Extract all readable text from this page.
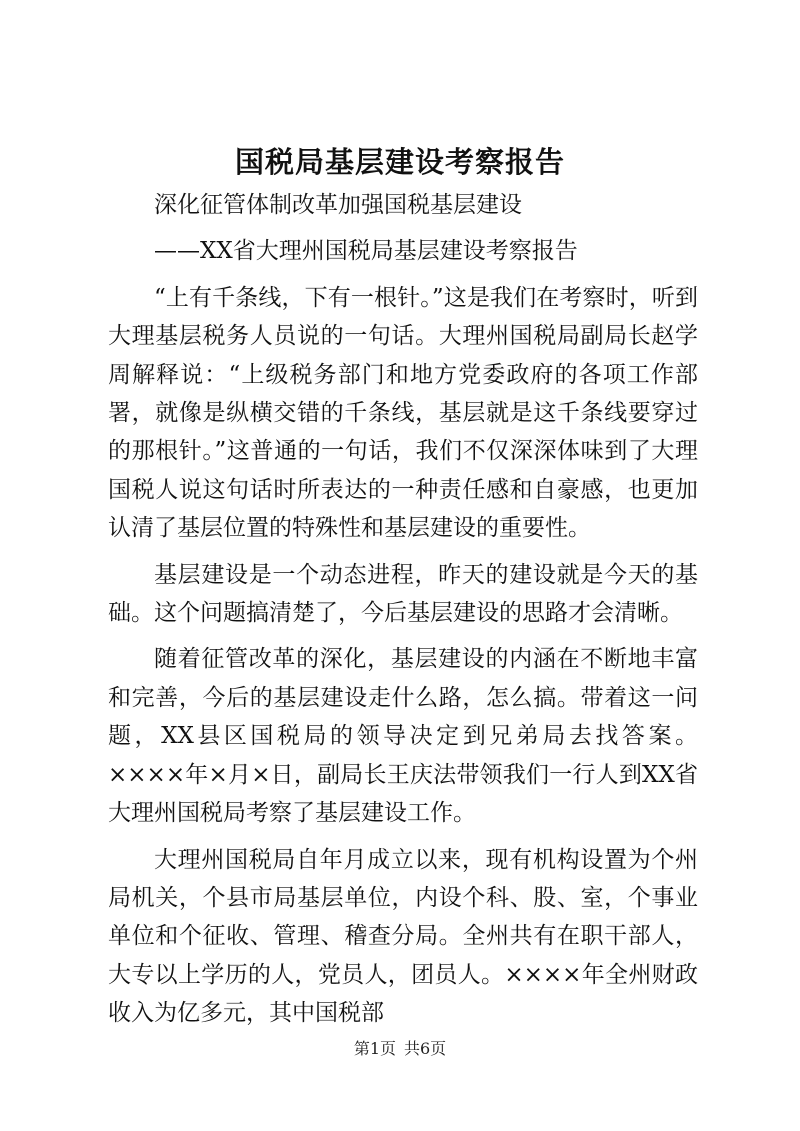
国税局基层建设考察报告

深化征管体制改革加强国税基层建设

——XX省大理州国税局基层建设考察报告

“上有千条线，下有一根针。”这是我们在考察时，听到大理基层税务人员说的一句话。大理州国税局副局长赵学周解释说：“上级税务部门和地方党委政府的各项工作部署，就像是纵横交错的千条线，基层就是这千条线要穿过的那根针。”这普通的一句话，我们不仅深深体味到了大理国税人说这句话时所表达的一种责任感和自豪感，也更加认清了基层位置的特殊性和基层建设的重要性。

基层建设是一个动态进程，昨天的建设就是今天的基础。这个问题搞清楚了，今后基层建设的思路才会清晰。

随着征管改革的深化，基层建设的内涵在不断地丰富和完善，今后的基层建设走什么路，怎么搞。带着这一问题，XX县区国税局的领导决定到兄弟局去找答案。××××年×月×日，副局长王庆法带领我们一行人到XX省大理州国税局考察了基层建设工作。

大理州国税局自年月成立以来，现有机构设置为个州局机关，个县市局基层单位，内设个科、股、室，个事业单位和个征收、管理、稽查分局。全州共有在职干部人，大专以上学历的人，党员人，团员人。××××年全州财政收入为亿多元，其中国税部

第1页 共6页
